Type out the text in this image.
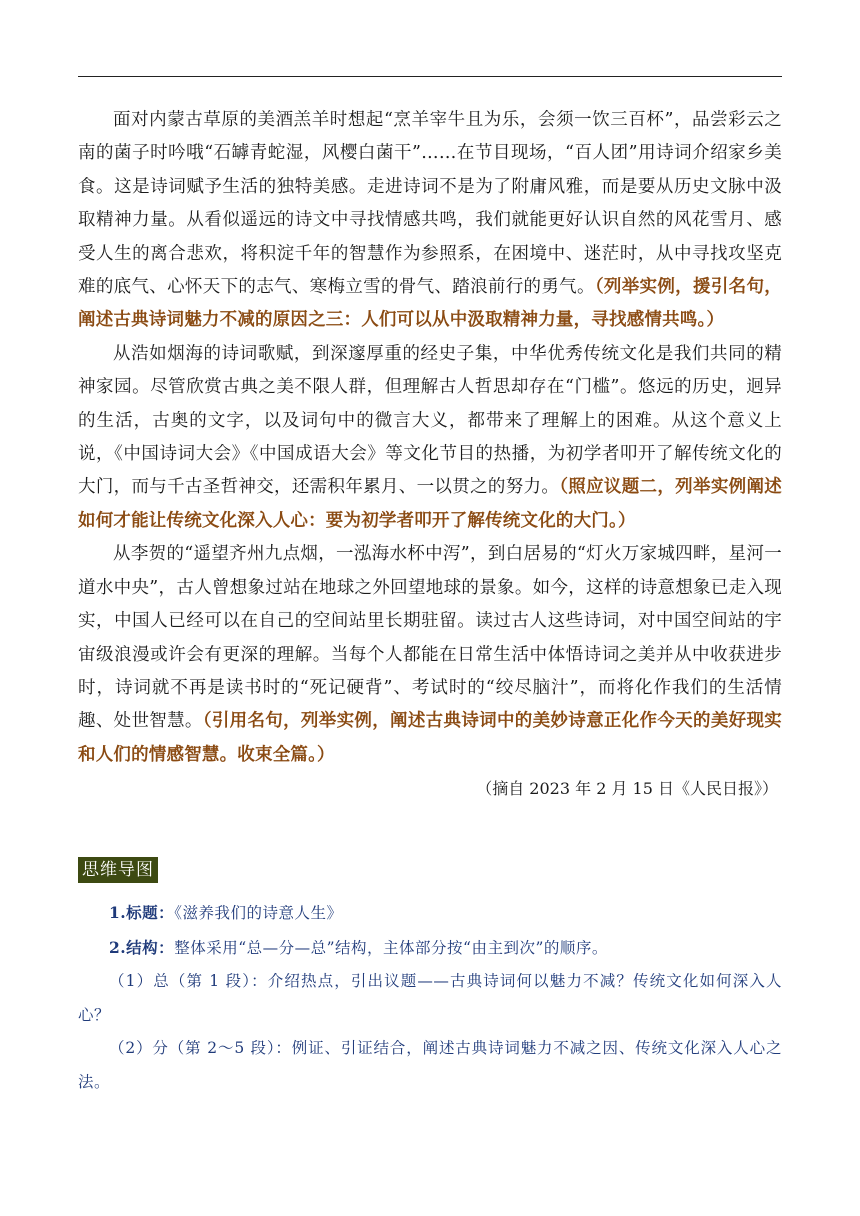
面对内蒙古草原的美酒羔羊时想起“烹羊宰牛且为乐，会须一饮三百杯”，品尝彩云之南的菌子时吟哦“石罅青蛇湿，风樱白菌干”……在节目现场，“百人团”用诗词介绍家乡美食。这是诗词赋予生活的独特美感。走进诗词不是为了附庸风雅，而是要从历史文脉中汲取精神力量。从看似遥远的诗文中寻找情感共鸣，我们就能更好认识自然的风花雪月、感受人生的离合悲欢，将积淀千年的智慧作为参照系，在困境中、迷茫时，从中寻找攻坚克难的底气、心怀天下的志气、寒梅立雪的骨气、踏浪前行的勇气。（列举实例，援引名句，阐述古典诗词魅力不减的原因之三：人们可以从中汲取精神力量，寻找感情共鸣。）

从浩如烟海的诗词歌赋，到深邃厚重的经史子集，中华优秀传统文化是我们共同的精神家园。尽管欣赏古典之美不限人群，但理解古人哲思却存在“门槛”。悠远的历史，迥异的生活，古奥的文字，以及词句中的微言大义，都带来了理解上的困难。从这个意义上说，《中国诗词大会》《中国成语大会》等文化节目的热播，为初学者叩开了解传统文化的大门，而与千古圣哲神交，还需积年累月、一以贯之的努力。（照应议题二，列举实例阐述如何才能让传统文化深入人心：要为初学者叩开了解传统文化的大门。）

从李贺的“遥望齐州九点烟，一泓海水杯中泻”，到白居易的“灯火万家城四畔，星河一道水中央”，古人曾想象过站在地球之外回望地球的景象。如今，这样的诗意想象已走入现实，中国人已经可以在自己的空间站里长期驻留。读过古人这些诗词，对中国空间站的宇宙级浪漫或许会有更深的理解。当每个人都能在日常生活中体悟诗词之美并从中收获进步时，诗词就不再是读书时的“死记硬背”、考试时的“绞尽脑汁”，而将化作我们的生活情趣、处世智慧。（引用名句，列举实例，阐述古典诗词中的美妙诗意正化作今天的美好现实和人们的情感智慧。收束全篇。）

（摘自 2023 年 2 月 15 日《人民日报》）

思维导图

1.标题：《滋养我们的诗意人生》

2.结构：整体采用“总—分—总”结构，主体部分按“由主到次”的顺序。

（1）总（第 1 段）：介绍热点，引出议题——古典诗词何以魅力不减？传统文化如何深入人心？

（2）分（第 2～5 段）：例证、引证结合，阐述古典诗词魅力不减之因、传统文化深入人心之法。
